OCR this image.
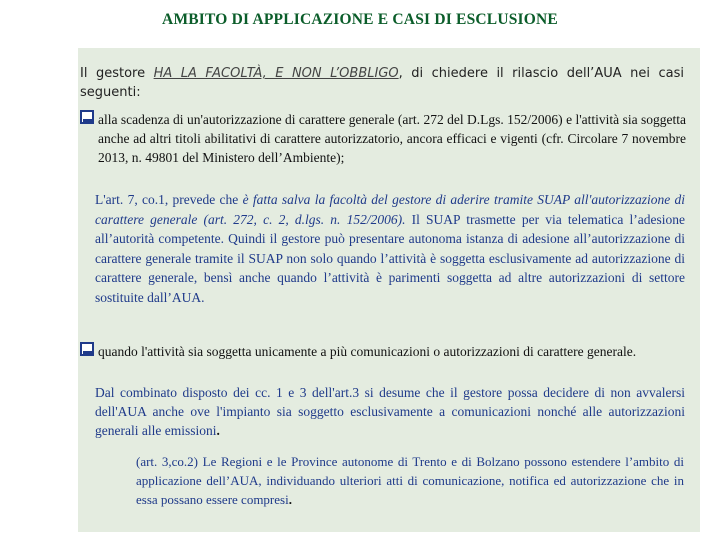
AMBITO DI APPLICAZIONE E CASI DI ESCLUSIONE
Il gestore HA LA FACOLTÀ, E NON L’OBBLIGO, di chiedere il rilascio dell’AUA nei casi seguenti:
alla scadenza di un'autorizzazione di carattere generale (art. 272 del D.Lgs. 152/2006) e l'attività sia soggetta anche ad altri titoli abilitativi di carattere autorizzatorio, ancora efficaci e vigenti (cfr. Circolare 7 novembre 2013, n. 49801 del Ministero dell’Ambiente);
L'art. 7, co.1, prevede che è fatta salva la facoltà del gestore di aderire tramite SUAP all'autorizzazione di carattere generale (art. 272, c. 2, d.lgs. n. 152/2006). Il SUAP trasmette per via telematica l’adesione all’autorità competente. Quindi il gestore può presentare autonoma istanza di adesione all’autorizzazione di carattere generale tramite il SUAP non solo quando l’attività è soggetta esclusivamente ad autorizzazione di carattere generale, bensì anche quando l’attività è parimenti soggetta ad altre autorizzazioni di settore sostituite dall’AUA.
quando l'attività sia soggetta unicamente a più comunicazioni o autorizzazioni di carattere generale.
Dal combinato disposto dei cc. 1 e 3 dell'art.3 si desume che il gestore possa decidere di non avvalersi dell'AUA anche ove l'impianto sia soggetto esclusivamente a comunicazioni nonché alle autorizzazioni generali alle emissioni.
(art. 3,co.2) Le Regioni e le Province autonome di Trento e di Bolzano possono estendere l’ambito di applicazione dell’AUA, individuando ulteriori atti di comunicazione, notifica ed autorizzazione che in essa possano essere compresi.
